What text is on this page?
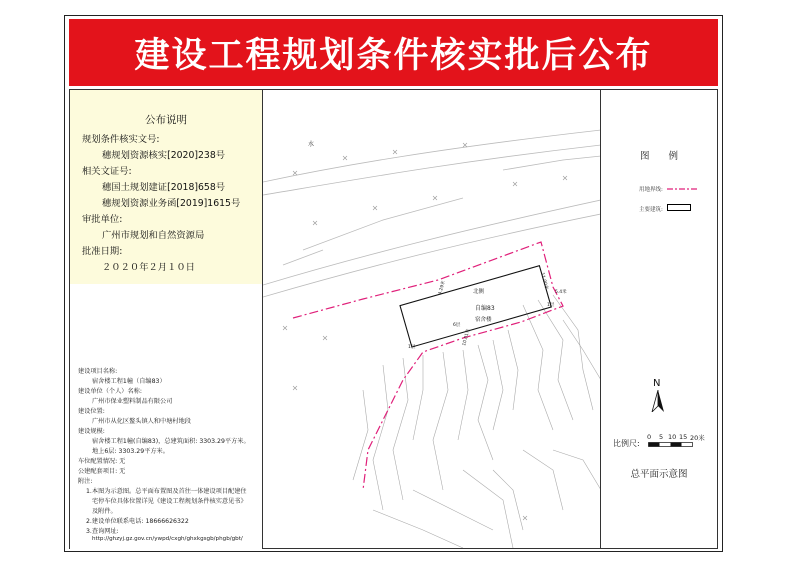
建设工程规划条件核实批后公布
公布说明
规划条件核实文号:
穗规划资源核实[2020]238号
相关文证号:
穗国土规划建证[2018]658号
穗规划资源业务函[2019]1615号
审批单位:
广州市规划和自然资源局
批准日期:
２０２０年２月１０日
建设项目名称:
宿舍楼工程1幢（自编83）
建设单位（个人）名称:
广州市保业塑料制品有限公司
建设位置:
广州市从化区鳌头镇人和中塘村地段
建设规模:
宿舍楼工程1幢(自编83)，总建筑面积: 3303.29平方米。
地上6层: 3303.29平方米。
车位配置情况: 无
公建配套项目: 无
附注:
1.本图为示意图。总平面布置图及首往一体建设项目配建住
宅停车位具体位置详见《建设工程规划条件核实意见书》
及附件。
2.建设单位联系电话: 18666626322
3.查询网址:
http://ghzyj.gz.gov.cn/ywpd/cxgh/ghxkgsgb/phgb/gbt/
水
北侧
自编83
宿舍楼
11.00米
4.29米	5.4米
10.01米
1层
1层
6层
图　　例
用地界线:
主要建筑:
N
比例尺:
0 5 10 15 20米
总平面示意图
